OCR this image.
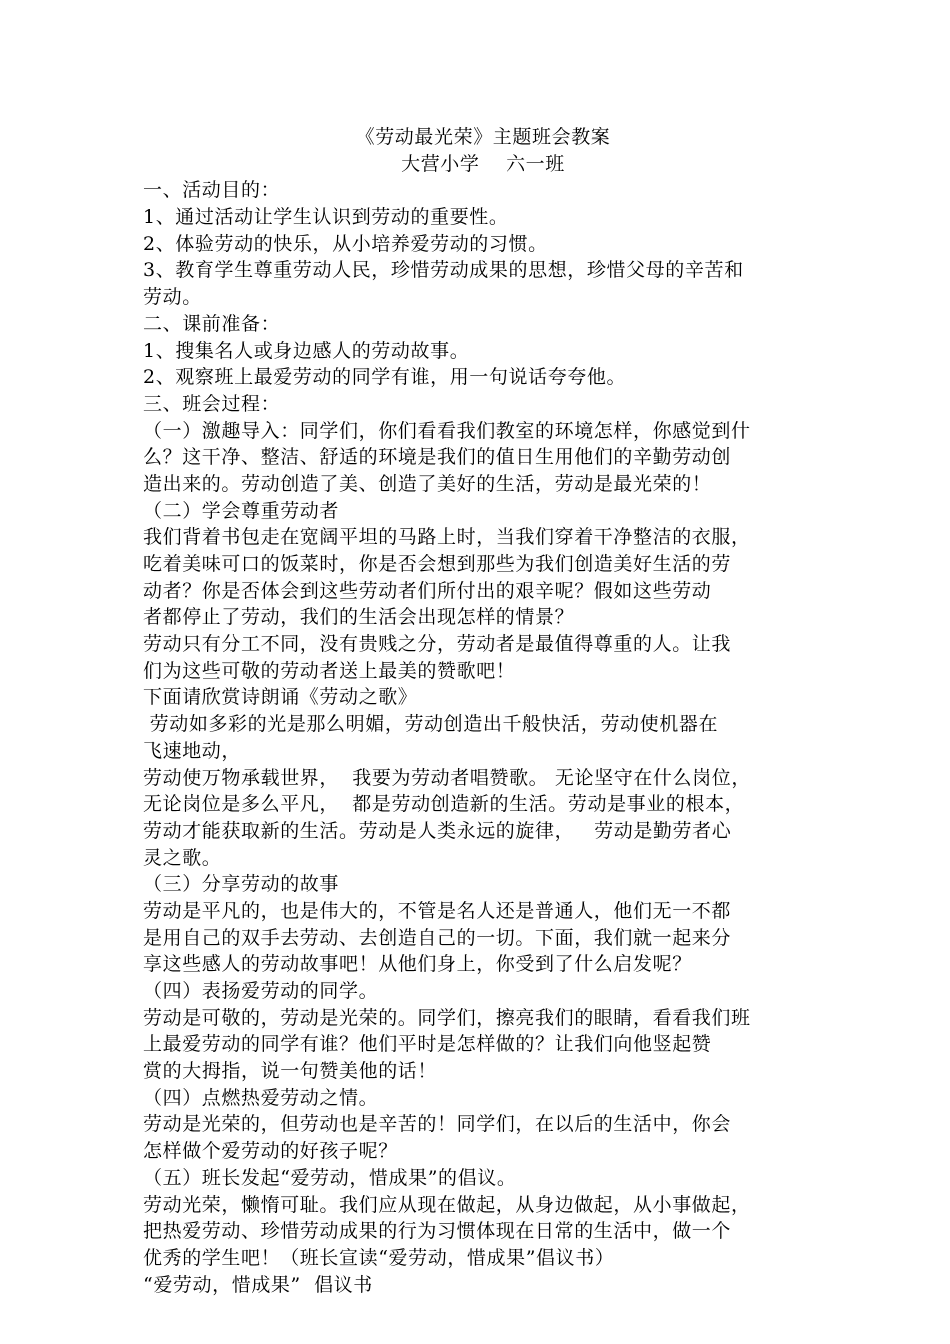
《劳动最光荣》主题班会教案
大营小学    六一班
一、活动目的：
1、通过活动让学生认识到劳动的重要性。
2、体验劳动的快乐，从小培养爱劳动的习惯。
3、教育学生尊重劳动人民，珍惜劳动成果的思想，珍惜父母的辛苦和
劳动。
二、课前准备：
1、搜集名人或身边感人的劳动故事。
2、观察班上最爱劳动的同学有谁，用一句说话夸夸他。
三、班会过程：
（一）激趣导入：同学们，你们看看我们教室的环境怎样，你感觉到什
么？这干净、整洁、舒适的环境是我们的值日生用他们的辛勤劳动创
造出来的。劳动创造了美、创造了美好的生活，劳动是最光荣的！
（二）学会尊重劳动者
我们背着书包走在宽阔平坦的马路上时，当我们穿着干净整洁的衣服，
吃着美味可口的饭菜时，你是否会想到那些为我们创造美好生活的劳
动者？你是否体会到这些劳动者们所付出的艰辛呢？假如这些劳动
者都停止了劳动，我们的生活会出现怎样的情景？
劳动只有分工不同，没有贵贱之分，劳动者是最值得尊重的人。让我
们为这些可敬的劳动者送上最美的赞歌吧！
下面请欣赏诗朗诵《劳动之歌》
劳动如多彩的光是那么明媚，劳动创造出千般快活，劳动使机器在
飞速地动，
劳动使万物承载世界，  我要为劳动者唱赞歌。 无论坚守在什么岗位，
无论岗位是多么平凡，  都是劳动创造新的生活。劳动是事业的根本，
劳动才能获取新的生活。劳动是人类永远的旋律，   劳动是勤劳者心
灵之歌。
（三）分享劳动的故事
劳动是平凡的，也是伟大的，不管是名人还是普通人，他们无一不都
是用自己的双手去劳动、去创造自己的一切。下面，我们就一起来分
享这些感人的劳动故事吧！从他们身上，你受到了什么启发呢？
（四）表扬爱劳动的同学。
劳动是可敬的，劳动是光荣的。同学们，擦亮我们的眼睛，看看我们班
上最爱劳动的同学有谁？他们平时是怎样做的？让我们向他竖起赞
赏的大拇指，说一句赞美他的话！
（四）点燃热爱劳动之情。
劳动是光荣的，但劳动也是辛苦的！同学们，在以后的生活中，你会
怎样做个爱劳动的好孩子呢？
（五）班长发起“爱劳动，惜成果”的倡议。
劳动光荣，懒惰可耻。我们应从现在做起，从身边做起，从小事做起，
把热爱劳动、珍惜劳动成果的行为习惯体现在日常的生活中，做一个
优秀的学生吧！（班长宣读“爱劳动，惜成果”倡议书）
“爱劳动，惜成果”  倡议书
